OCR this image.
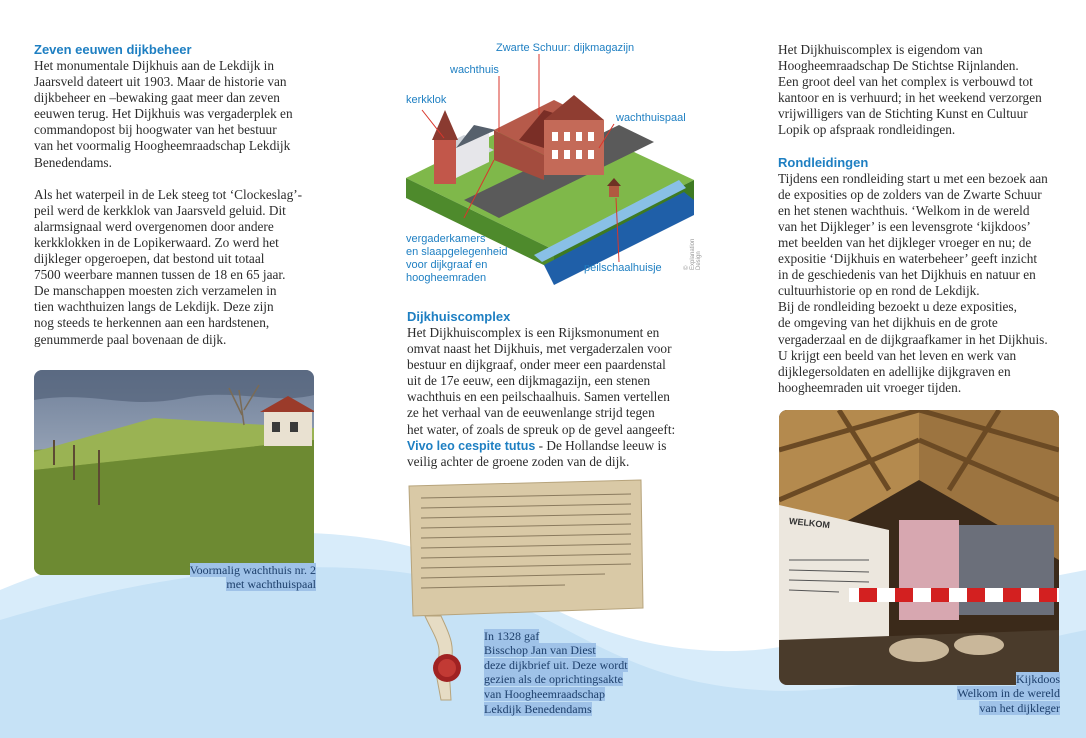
Zeven eeuwen dijkbeheer

Het monumentale Dijkhuis aan de Lekdijk in
Jaarsveld dateert uit 1903. Maar de historie van
dijkbeheer en –bewaking gaat meer dan zeven
eeuwen terug. Het Dijkhuis was vergaderplek en
commandopost bij hoogwater van het bestuur
van het voormalig Hoogheemraadschap Lekdijk
Benedendams.

Als het waterpeil in de Lek steeg tot ‘Clockeslag’-
peil werd de kerkklok van Jaarsveld geluid. Dit
alarmsignaal werd overgenomen door andere
kerkklokken in de Lopikerwaard. Zo werd het
dijkleger opgeroepen, dat bestond uit totaal
7500 weerbare mannen tussen de 18 en 65 jaar.
De manschappen moesten zich verzamelen in
tien wachthuizen langs de Lekdijk. Deze zijn
nog steeds te herkennen aan een hardstenen,
genummerde paal bovenaan de dijk.

Voormalig wachthuis nr. 2
met wachthuispaal

Zwarte Schuur: dijkmagazijn
wachthuis
kerkklok
wachthuispaal
vergaderkamers
en slaapgelegenheid
voor dijkgraaf en
hoogheemraden
peilschaalhuisje	© Explanation Design
Dijkhuiscomplex

Het Dijkhuiscomplex is een Rijksmonument en
omvat naast het Dijkhuis, met vergaderzalen voor
bestuur en dijkgraaf, onder meer een paardenstal
uit de 17e eeuw, een dijkmagazijn, een stenen
wachthuis en een peilschaalhuis. Samen vertellen
ze het verhaal van de eeuwenlange strijd tegen
het water, of zoals de spreuk op de gevel aangeeft:

Vivo leo cespite tutus - De Hollandse leeuw is
veilig achter de groene zoden van de dijk.

In 1328 gaf
Bisschop Jan van Diest
deze dijkbrief uit. Deze wordt
gezien als de oprichtingsakte
van Hoogheemraadschap
Lekdijk Benedendams

Het Dijkhuiscomplex is eigendom van
Hoogheemraadschap De Stichtse Rijnlanden.
Een groot deel van het complex is verbouwd tot
kantoor en is verhuurd; in het weekend verzorgen
vrijwilligers van de Stichting Kunst en Cultuur
Lopik op afspraak rondleidingen.

Rondleidingen

Tijdens een rondleiding start u met een bezoek aan
de exposities op de zolders van de Zwarte Schuur
en het stenen wachthuis. ‘Welkom in de wereld
van het Dijkleger’ is een levensgrote ‘kijkdoos’
met beelden van het dijkleger vroeger en nu; de
expositie ‘Dijkhuis en waterbeheer’ geeft inzicht
in de geschiedenis van het Dijkhuis en natuur en
cultuurhistorie op en rond de Lekdijk.
Bij de rondleiding bezoekt u deze exposities,
de omgeving van het dijkhuis en de grote
vergaderzaal en de dijkgraafkamer in het Dijkhuis.
U krijgt een beeld van het leven en werk van
dijklegersoldaten en adellijke dijkgraven en
hoogheemraden uit vroeger tijden.

WELKOM

Kijkdoos
Welkom in de wereld
van het dijkleger
